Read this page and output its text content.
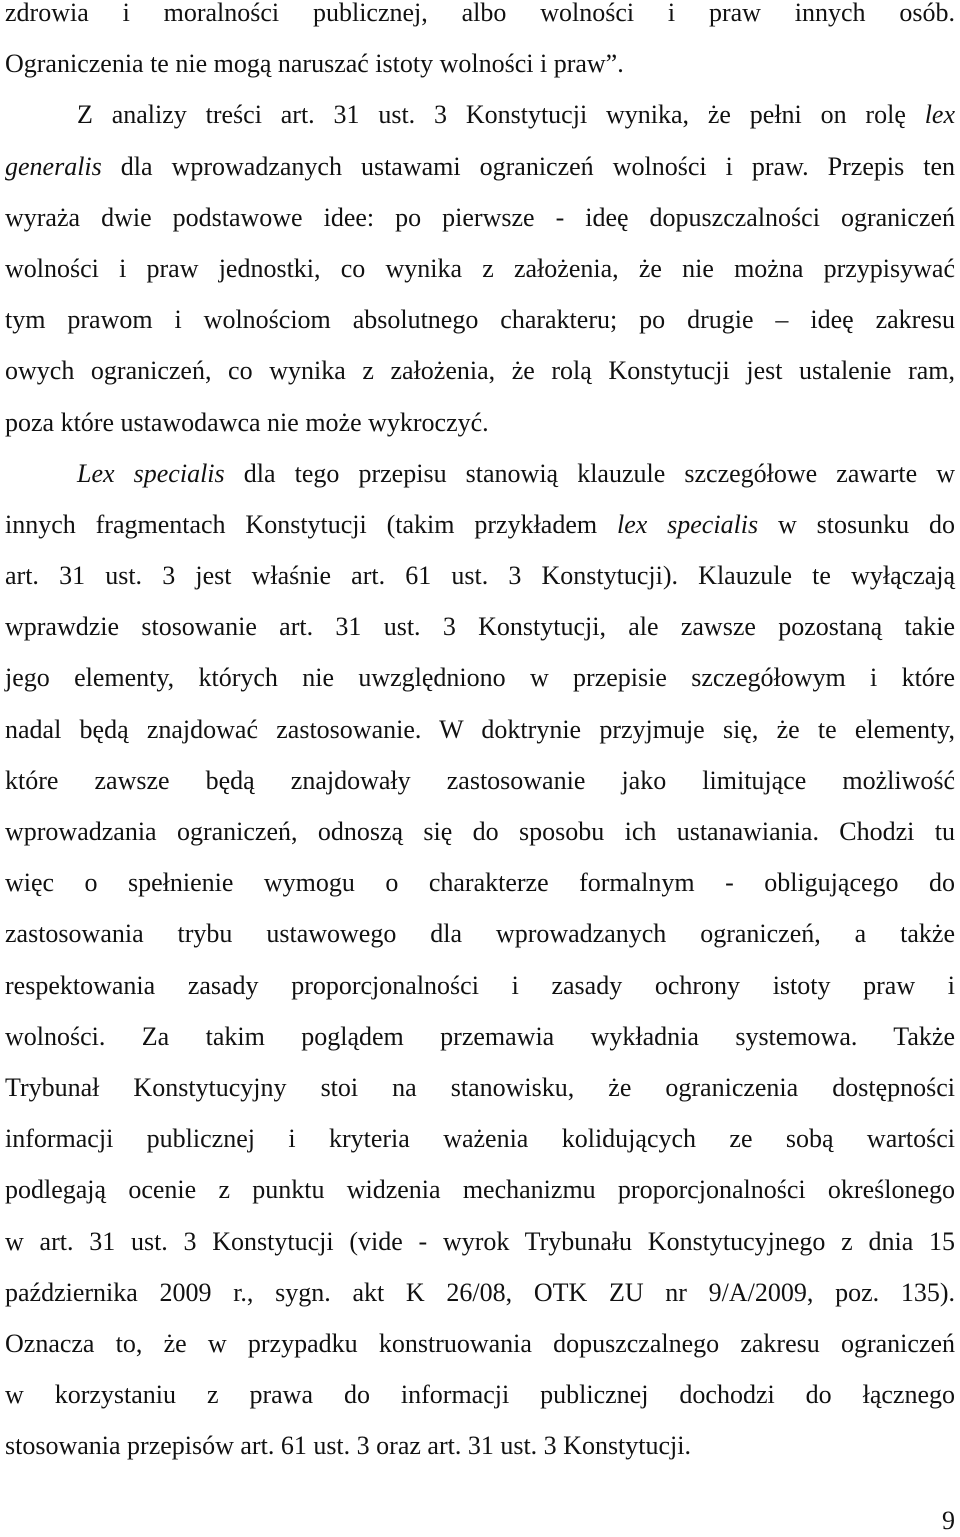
zdrowia i moralności publicznej, albo wolności i praw innych osób.
Ograniczenia te nie mogą naruszać istoty wolności i praw”.
Z analizy treści art. 31 ust. 3 Konstytucji wynika, że pełni on rolę lex
generalis dla wprowadzanych ustawami ograniczeń wolności i praw. Przepis ten
wyraża dwie podstawowe idee: po pierwsze - ideę dopuszczalności ograniczeń
wolności i praw jednostki, co wynika z założenia, że nie można przypisywać
tym prawom i wolnościom absolutnego charakteru; po drugie – ideę zakresu
owych ograniczeń, co wynika z założenia, że rolą Konstytucji jest ustalenie ram,
poza które ustawodawca nie może wykroczyć.
Lex specialis dla tego przepisu stanowią klauzule szczegółowe zawarte w
innych fragmentach Konstytucji (takim przykładem lex specialis w stosunku do
art. 31 ust. 3 jest właśnie art. 61 ust. 3 Konstytucji). Klauzule te wyłączają
wprawdzie stosowanie art. 31 ust. 3 Konstytucji, ale zawsze pozostaną takie
jego elementy, których nie uwzględniono w przepisie szczegółowym i które
nadal będą znajdować zastosowanie. W doktrynie przyjmuje się, że te elementy,
które zawsze będą znajdowały zastosowanie jako limitujące możliwość
wprowadzania ograniczeń, odnoszą się do sposobu ich ustanawiania. Chodzi tu
więc o spełnienie wymogu o charakterze formalnym - obligującego do
zastosowania trybu ustawowego dla wprowadzanych ograniczeń, a także
respektowania zasady proporcjonalności i zasady ochrony istoty praw i
wolności. Za takim poglądem przemawia wykładnia systemowa. Także
Trybunał Konstytucyjny stoi na stanowisku, że ograniczenia dostępności
informacji publicznej i kryteria ważenia kolidujących ze sobą wartości
podlegają ocenie z punktu widzenia mechanizmu proporcjonalności określonego
w art. 31 ust. 3 Konstytucji (vide - wyrok Trybunału Konstytucyjnego z dnia 15
października 2009 r., sygn. akt K 26/08, OTK ZU nr 9/A/2009, poz. 135).
Oznacza to, że w przypadku konstruowania dopuszczalnego zakresu ograniczeń
w korzystaniu z prawa do informacji publicznej dochodzi do łącznego
stosowania przepisów art. 61 ust. 3 oraz art. 31 ust. 3 Konstytucji.
9
